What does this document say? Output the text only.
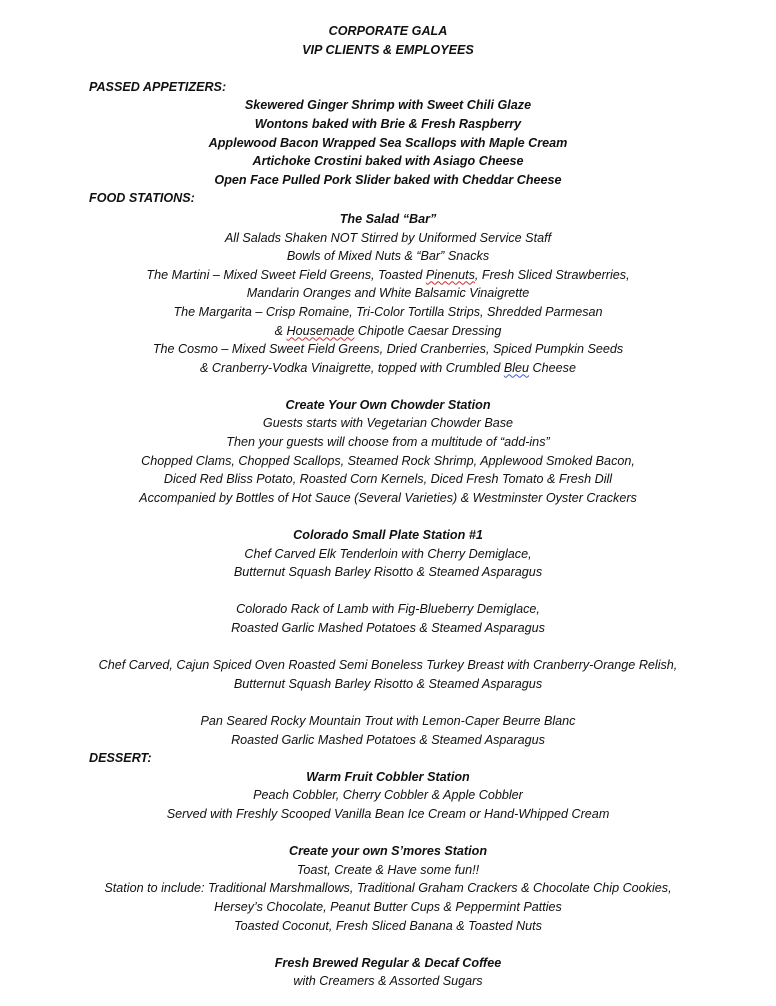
CORPORATE GALA
VIP CLIENTS & EMPLOYEES
PASSED APPETIZERS:
Skewered Ginger Shrimp with Sweet Chili Glaze
Wontons baked with Brie & Fresh Raspberry
Applewood Bacon Wrapped Sea Scallops with Maple Cream
Artichoke Crostini baked with Asiago Cheese
Open Face Pulled Pork Slider baked with Cheddar Cheese
FOOD STATIONS:
The Salad “Bar”
All Salads Shaken NOT Stirred by Uniformed Service Staff
Bowls of Mixed Nuts & “Bar” Snacks
The Martini – Mixed Sweet Field Greens, Toasted Pinenuts, Fresh Sliced Strawberries,
Mandarin Oranges and White Balsamic Vinaigrette
The Margarita – Crisp Romaine, Tri-Color Tortilla Strips, Shredded Parmesan
& Housemade Chipotle Caesar Dressing
The Cosmo – Mixed Sweet Field Greens, Dried Cranberries, Spiced Pumpkin Seeds
& Cranberry-Vodka Vinaigrette, topped with Crumbled Bleu Cheese
Create Your Own Chowder Station
Guests starts with Vegetarian Chowder Base
Then your guests will choose from a multitude of “add-ins”
Chopped Clams, Chopped Scallops, Steamed Rock Shrimp, Applewood Smoked Bacon,
Diced Red Bliss Potato, Roasted Corn Kernels, Diced Fresh Tomato & Fresh Dill
Accompanied by Bottles of Hot Sauce (Several Varieties) & Westminster Oyster Crackers
Colorado Small Plate Station #1
Chef Carved Elk Tenderloin with Cherry Demiglace,
Butternut Squash Barley Risotto & Steamed Asparagus
Colorado Rack of Lamb with Fig-Blueberry Demiglace,
Roasted Garlic Mashed Potatoes & Steamed Asparagus
Chef Carved, Cajun Spiced Oven Roasted Semi Boneless Turkey Breast with Cranberry-Orange Relish,
Butternut Squash Barley Risotto & Steamed Asparagus
Pan Seared Rocky Mountain Trout with Lemon-Caper Beurre Blanc
Roasted Garlic Mashed Potatoes & Steamed Asparagus
DESSERT:
Warm Fruit Cobbler Station
Peach Cobbler, Cherry Cobbler & Apple Cobbler
Served with Freshly Scooped Vanilla Bean Ice Cream or Hand-Whipped Cream
Create your own S’mores Station
Toast, Create & Have some fun!!
Station to include: Traditional Marshmallows, Traditional Graham Crackers & Chocolate Chip Cookies,
Hersey’s Chocolate, Peanut Butter Cups & Peppermint Patties
Toasted Coconut, Fresh Sliced Banana & Toasted Nuts
Fresh Brewed Regular & Decaf Coffee
with Creamers & Assorted Sugars
